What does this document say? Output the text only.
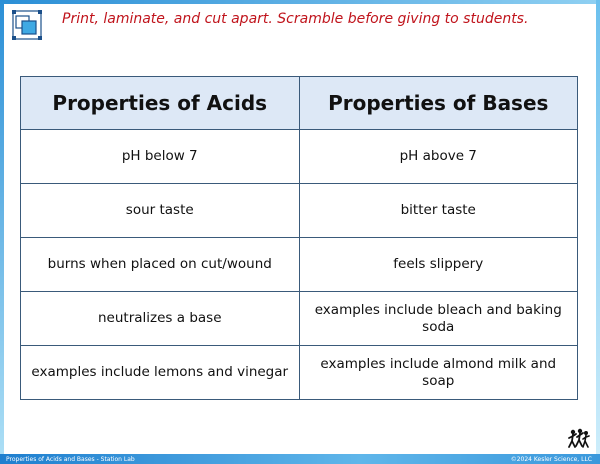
Print, laminate, and cut apart. Scramble before giving to students.
Properties of Acids	Properties of Bases
pH below 7	pH above 7
sour taste	bitter taste
burns when placed on cut/wound	feels slippery
neutralizes a base	examples include bleach and baking soda
examples include lemons and vinegar	examples include almond milk and soap
Properties of Acids and Bases - Station Lab	©2024 Kesler Science, LLC
